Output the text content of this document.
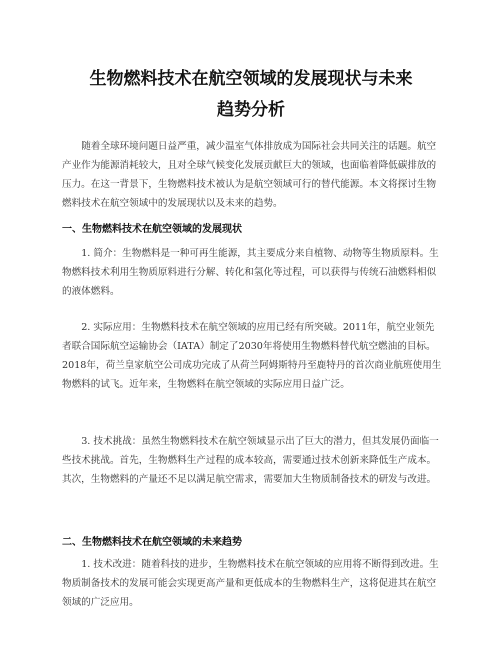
生物燃料技术在航空领域的发展现状与未来
趋势分析

随着全球环境问题日益严重，减少温室气体排放成为国际社会共同关注的话题。航空产业作为能源消耗较大，且对全球气候变化发展贡献巨大的领域，也面临着降低碳排放的压力。在这一背景下，生物燃料技术被认为是航空领域可行的替代能源。本文将探讨生物燃料技术在航空领域中的发展现状以及未来的趋势。

一、生物燃料技术在航空领域的发展现状

1. 简介：生物燃料是一种可再生能源，其主要成分来自植物、动物等生物质原料。生物燃料技术利用生物质原料进行分解、转化和氢化等过程，可以获得与传统石油燃料相似的液体燃料。

2. 实际应用：生物燃料技术在航空领域的应用已经有所突破。2011年，航空业领先者联合国际航空运输协会（IATA）制定了2030年将使用生物燃料替代航空燃油的目标。2018年，荷兰皇家航空公司成功完成了从荷兰阿姆斯特丹至鹿特丹的首次商业航班使用生物燃料的试飞。近年来，生物燃料在航空领域的实际应用日益广泛。

3. 技术挑战：虽然生物燃料技术在航空领域显示出了巨大的潜力，但其发展仍面临一些技术挑战。首先，生物燃料生产过程的成本较高，需要通过技术创新来降低生产成本。其次，生物燃料的产量还不足以满足航空需求，需要加大生物质制备技术的研发与改进。

二、生物燃料技术在航空领域的未来趋势

1. 技术改进：随着科技的进步，生物燃料技术在航空领域的应用将不断得到改进。生物质制备技术的发展可能会实现更高产量和更低成本的生物燃料生产，这将促进其在航空领域的广泛应用。
